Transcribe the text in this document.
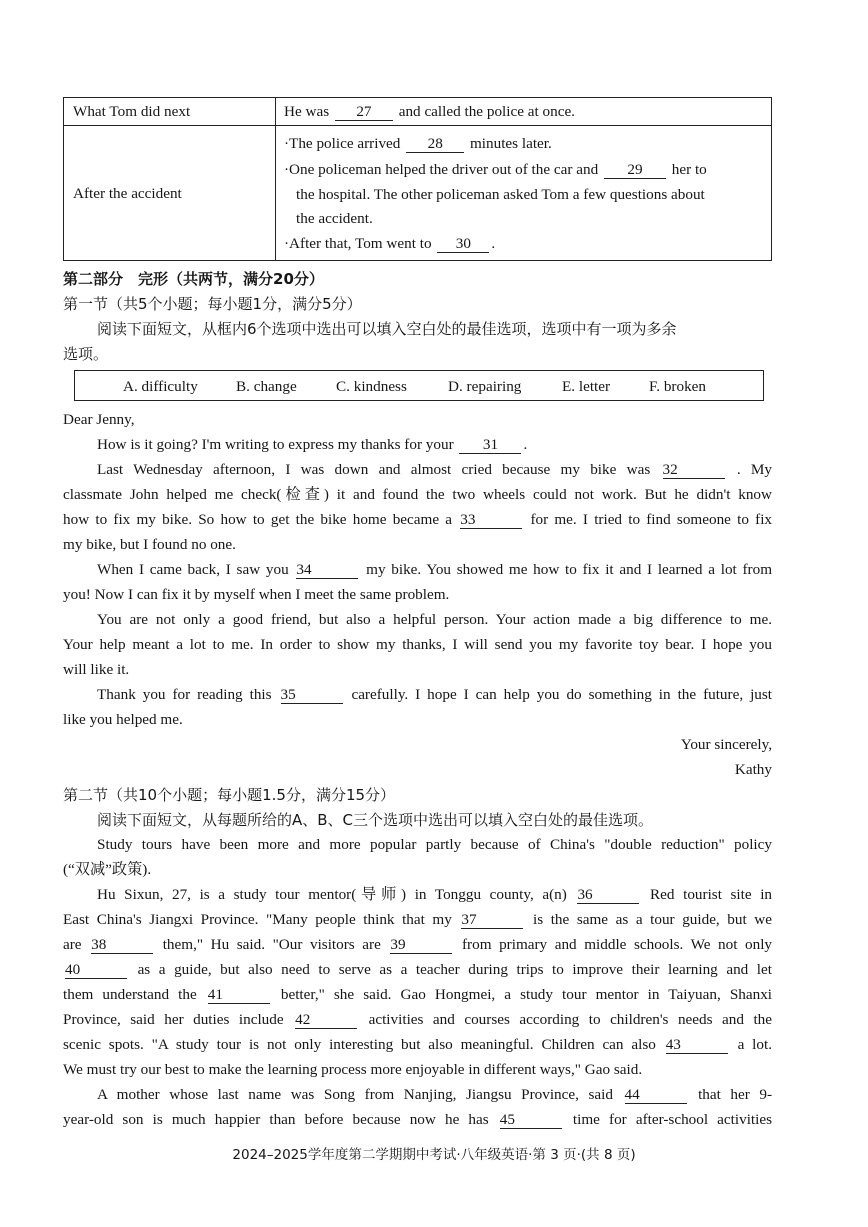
What Tom did next	He was 27 and called the police at once.
After the accident
·The police arrived 28 minutes later.
·One policeman helped the driver out of the car and 29 her to
the hospital. The other policeman asked Tom a few questions about
the accident.
·After that, Tom went to 30 .
第二部分　完形（共两节，满分20分）
第一节（共5个小题；每小题1分，满分5分）
阅读下面短文，从框内6个选项中选出可以填入空白处的最佳选项，选项中有一项为多余
选项。
A. difficulty	B. change	C. kindness	D. repairing	E. letter	F. broken
Dear Jenny,
How is it going? I'm writing to express my thanks for your 31 .
Last Wednesday afternoon, I was down and almost cried because my bike was 32	. My
classmate John helped me check(检查) it and found the two wheels could not work. But he didn't know
how to fix my bike. So how to get the bike home became a 33	for me. I tried to find someone to fix
my bike, but I found no one.
When I came back, I saw you 34	my bike. You showed me how to fix it and I learned a lot from
you! Now I can fix it by myself when I meet the same problem.
You are not only a good friend, but also a helpful person. Your action made a big difference to me.
Your help meant a lot to me. In order to show my thanks, I will send you my favorite toy bear. I hope you
will like it.
Thank you for reading this 35	carefully. I hope I can help you do something in the future, just
like you helped me.
Your sincerely,
Kathy
第二节（共10个小题；每小题1.5分，满分15分）
阅读下面短文，从每题所给的A、B、C三个选项中选出可以填入空白处的最佳选项。
Study tours have been more and more popular partly because of China's "double reduction" policy
(“双减”政策).
Hu Sixun, 27, is a study tour mentor(导师) in Tonggu county, a(n) 36	Red tourist site in
East China's Jiangxi Province. "Many people think that my 37	is the same as a tour guide, but we
are 38	them," Hu said. "Our visitors are 39	from primary and middle schools. We not only
40	as a guide, but also need to serve as a teacher during trips to improve their learning and let
them understand the 41	better," she said. Gao Hongmei, a study tour mentor in Taiyuan, Shanxi
Province, said her duties include 42	activities and courses according to children's needs and the
scenic spots. "A study tour is not only interesting but also meaningful. Children can also 43	a lot.
We must try our best to make the learning process more enjoyable in different ways," Gao said.
A mother whose last name was Song from Nanjing, Jiangsu Province, said 44	that her 9-
year-old son is much happier than before because now he has 45	time for after-school activities
2024–2025学年度第二学期期中考试·八年级英语·第 3 页·(共 8 页)
